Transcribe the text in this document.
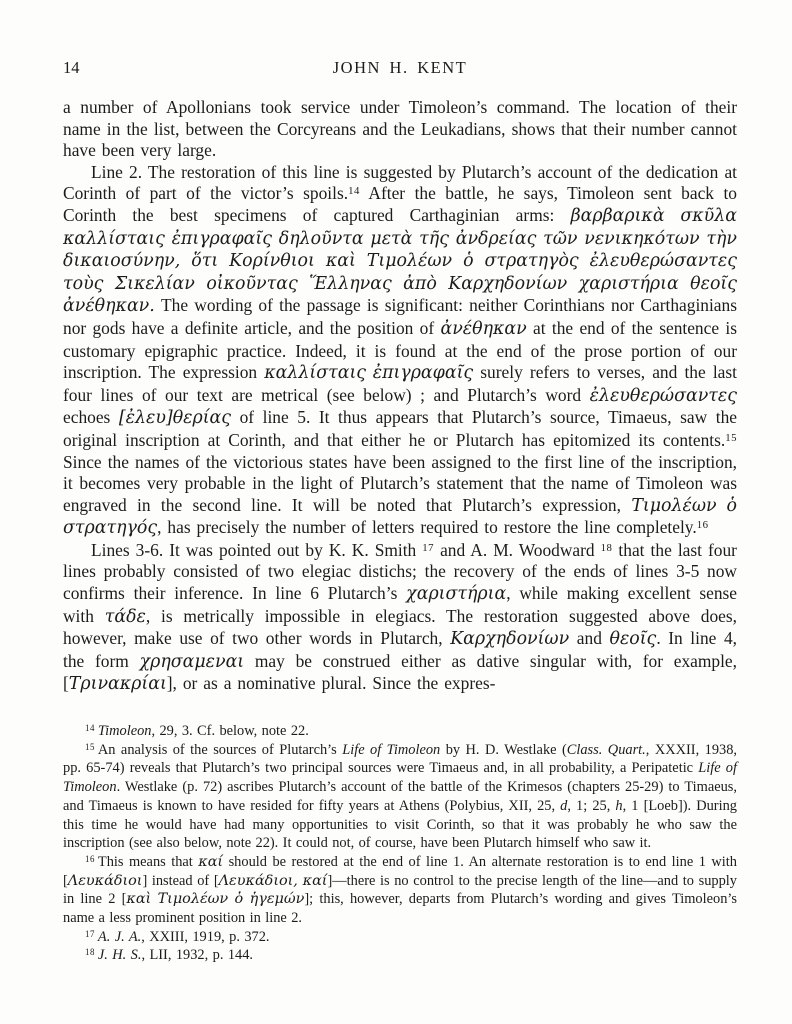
14	JOHN H. KENT

a number of Apollonians took service under Timoleon’s command. The location of their name in the list, between the Corcyreans and the Leukadians, shows that their number cannot have been very large.

Line 2. The restoration of this line is suggested by Plutarch’s account of the dedication at Corinth of part of the victor’s spoils.$^{14}$ After the battle, he says, Timoleon sent back to Corinth the best specimens of captured Carthaginian arms: βαρβαρικὰ σκῦλα καλλίσταις ἐπιγραφαῖς δηλοῦντα μετὰ τῆς ἀνδρείας τῶν νενικηκότων τὴν δικαιοσύνην, ὅτι Κορίνθιοι καὶ Τιμολέων ὁ στρατηγὸς ἐλευθερώσαντες τοὺς Σικελίαν οἰκοῦντας Ἕλληνας ἀπὸ Καρχηδονίων χαριστήρια θεοῖς ἀνέθηκαν. The wording of the passage is significant: neither Corinthians nor Carthaginians nor gods have a definite article, and the position of ἀνέθηκαν at the end of the sentence is customary epigraphic practice. Indeed, it is found at the end of the prose portion of our inscription. The expression καλλίσταις ἐπιγραφαῖς surely refers to verses, and the last four lines of our text are metrical (see below) ; and Plutarch’s word ἐλευθερώσαντες echoes [ἐλευ]θερίας of line 5. It thus appears that Plutarch’s source, Timaeus, saw the original inscription at Corinth, and that either he or Plutarch has epitomized its contents.$^{15}$ Since the names of the victorious states have been assigned to the first line of the inscription, it becomes very probable in the light of Plutarch’s statement that the name of Timoleon was engraved in the second line. It will be noted that Plutarch’s expression, Τιμολέων ὁ στρατηγός, has precisely the number of letters required to restore the line completely.$^{16}$

Lines 3-6. It was pointed out by K. K. Smith $^{17}$ and A. M. Woodward $^{18}$ that the last four lines probably consisted of two elegiac distichs; the recovery of the ends of lines 3-5 now confirms their inference. In line 6 Plutarch’s χαριστήρια, while making excellent sense with τάδε, is metrically impossible in elegiacs. The restoration suggested above does, however, make use of two other words in Plutarch, Καρχηδονίων and θεοῖς. In line 4, the form χρησαμεναι may be construed either as dative singular with, for example, [Τρινακρίαι], or as a nominative plural. Since the expres-

$^{14}$ Timoleon, 29, 3. Cf. below, note 22.

$^{15}$ An analysis of the sources of Plutarch’s Life of Timoleon by H. D. Westlake (Class. Quart., XXXII, 1938, pp. 65-74) reveals that Plutarch’s two principal sources were Timaeus and, in all probability, a Peripatetic Life of Timoleon. Westlake (p. 72) ascribes Plutarch’s account of the battle of the Krimesos (chapters 25-29) to Timaeus, and Timaeus is known to have resided for fifty years at Athens (Polybius, XII, 25, d, 1; 25, h, 1 [Loeb]). During this time he would have had many opportunities to visit Corinth, so that it was probably he who saw the inscription (see also below, note 22). It could not, of course, have been Plutarch himself who saw it.

$^{16}$ This means that καί should be restored at the end of line 1. An alternate restoration is to end line 1 with [Λευκάδιοι] instead of [Λευκάδιοι, καί]—there is no control to the precise length of the line—and to supply in line 2 [καὶ Τιμολέων ὁ ἡγεμών]; this, however, departs from Plutarch’s wording and gives Timoleon’s name a less prominent position in line 2.

$^{17}$ A. J. A., XXIII, 1919, p. 372.

$^{18}$ J. H. S., LII, 1932, p. 144.
